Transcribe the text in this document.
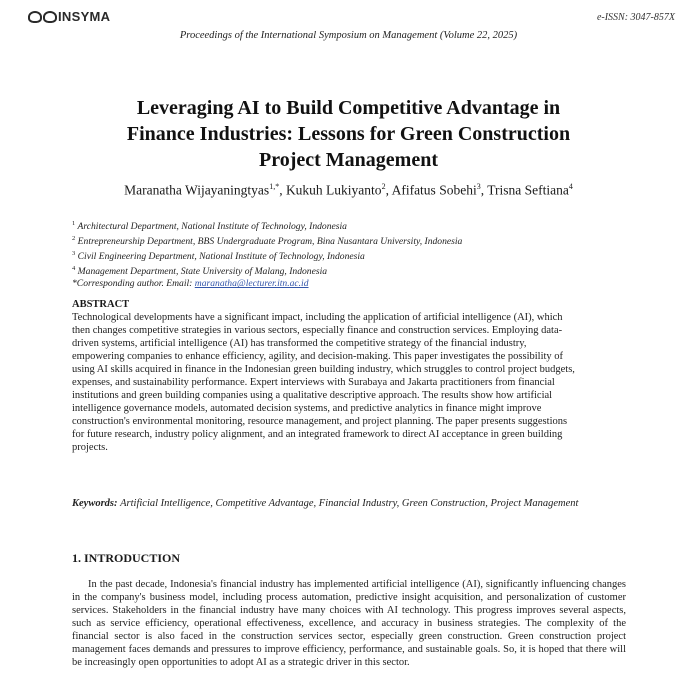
INSYMA	e-ISSN: 3047-857X
Proceedings of the International Symposium on Management (Volume 22, 2025)
Leveraging AI to Build Competitive Advantage in
Finance Industries: Lessons for Green Construction
Project Management
Maranatha Wijayaningtyas$^{1,*}$, Kukuh Lukiyanto$^2$, Afifatus Sobehi$^3$, Trisna Seftiana$^4$
$^1$ Architectural Department, National Institute of Technology, Indonesia
$^2$ Entrepreneurship Department, BBS Undergraduate Program, Bina Nusantara University, Indonesia
$^3$ Civil Engineering Department, National Institute of Technology, Indonesia
$^4$ Management Department, State University of Malang, Indonesia
*Corresponding author. Email: maranatha@lecturer.itn.ac.id
ABSTRACT
Technological developments have a significant impact, including the application of artificial intelligence (AI), which
then changes competitive strategies in various sectors, especially finance and construction services. Employing data-
driven systems, artificial intelligence (AI) has transformed the competitive strategy of the financial industry,
empowering companies to enhance efficiency, agility, and decision-making. This paper investigates the possibility of
using AI skills acquired in finance in the Indonesian green building industry, which struggles to control project budgets,
expenses, and sustainability performance. Expert interviews with Surabaya and Jakarta practitioners from financial
institutions and green building companies using a qualitative descriptive approach. The results show how artificial
intelligence governance models, automated decision systems, and predictive analytics in finance might improve
construction's environmental monitoring, resource management, and project planning. The paper presents suggestions
for future research, industry policy alignment, and an integrated framework to direct AI acceptance in green building
projects.
Keywords: Artificial Intelligence, Competitive Advantage, Financial Industry, Green Construction, Project Management
1. INTRODUCTION
In the past decade, Indonesia's financial industry has implemented artificial intelligence (AI), significantly influencing changes in the company's business model, including process automation, predictive insight acquisition, and personalization of customer services. Stakeholders in the financial industry have many choices with AI technology. This progress improves several aspects, such as service efficiency, operational effectiveness, excellence, and accuracy in business strategies. The complexity of the financial sector is also faced in the construction services sector, especially green construction. Green construction project management faces demands and pressures to improve efficiency, performance, and sustainable goals. So, it is hoped that there will be increasingly open opportunities to adopt AI as a strategic driver in this sector.
